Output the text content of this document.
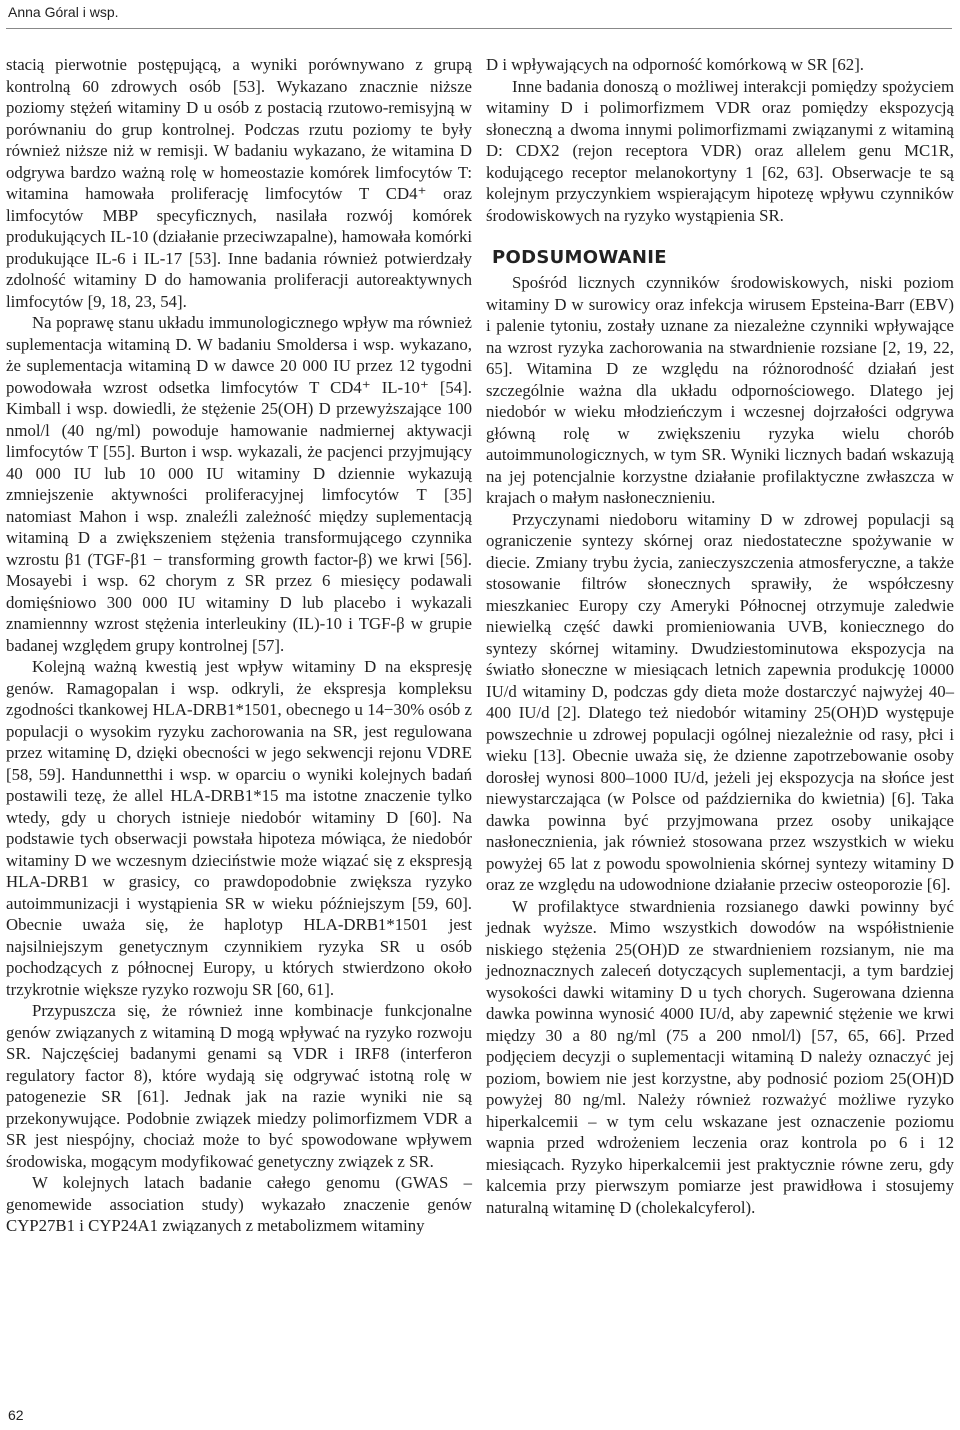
Anna Góral i wsp.

stacią pierwotnie postępującą, a wyniki porównywano z grupą kontrolną 60 zdrowych osób [53]. Wykazano znacznie niższe poziomy stężeń witaminy D u osób z postacią rzutowo-remisyjną w porównaniu do grup kontrolnej. Podczas rzutu poziomy te były również niższe niż w remisji. W badaniu wykazano, że witamina D odgrywa bardzo ważną rolę w homeostazie komórek limfocytów T: witamina hamowała proliferację limfocytów T CD4⁺ oraz limfocytów MBP specyficznych, nasilała rozwój komórek produkujących IL-10 (działanie przeciwzapalne), hamowała komórki produkujące IL-6 i IL-17 [53]. Inne badania również potwierdzały zdolność witaminy D do hamowania proliferacji autoreaktywnych limfocytów [9, 18, 23, 54].

Na poprawę stanu układu immunologicznego wpływ ma również suplementacja witaminą D. W badaniu Smoldersa i wsp. wykazano, że suplementacja witaminą D w dawce 20 000 IU przez 12 tygodni powodowała wzrost odsetka limfocytów T CD4⁺ IL-10⁺ [54]. Kimball i wsp. dowiedli, że stężenie 25(OH) D przewyższające 100 nmol/l (40 ng/ml) powoduje hamowanie nadmiernej aktywacji limfocytów T [55]. Burton i wsp. wykazali, że pacjenci przyjmujący 40 000 IU lub 10 000 IU witaminy D dziennie wykazują zmniejszenie aktywności proliferacyjnej limfocytów T [35] natomiast Mahon i wsp. znaleźli zależność między suplementacją witaminą D a zwiększeniem stężenia transformującego czynnika wzrostu β1 (TGF-β1 − transforming growth factor-β) we krwi [56]. Mosayebi i wsp. 62 chorym z SR przez 6 miesięcy podawali domięśniowo 300 000 IU witaminy D lub placebo i wykazali znamiennny wzrost stężenia interleukiny (IL)-10 i TGF-β w grupie badanej względem grupy kontrolnej [57].

Kolejną ważną kwestią jest wpływ witaminy D na ekspresję genów. Ramagopalan i wsp. odkryli, że ekspresja kompleksu zgodności tkankowej HLA-DRB1*1501, obecnego u 14−30% osób z populacji o wysokim ryzyku zachorowania na SR, jest regulowana przez witaminę D, dzięki obecności w jego sekwencji rejonu VDRE [58, 59]. Handunnetthi i wsp. w oparciu o wyniki kolejnych badań postawili tezę, że allel HLA-DRB1*15 ma istotne znaczenie tylko wtedy, gdy u chorych istnieje niedobór witaminy D [60]. Na podstawie tych obserwacji powstała hipoteza mówiąca, że niedobór witaminy D we wczesnym dzieciństwie może wiązać się z ekspresją HLA-DRB1 w grasicy, co prawdopodobnie zwiększa ryzyko autoimmunizacji i wystąpienia SR w wieku późniejszym [59, 60]. Obecnie uważa się, że haplotyp HLA-DRB1*1501 jest najsilniejszym genetycznym czynnikiem ryzyka SR u osób pochodzących z północnej Europy, u których stwierdzono około trzykrotnie większe ryzyko rozwoju SR [60, 61].

Przypuszcza się, że również inne kombinacje funkcjonalne genów związanych z witaminą D mogą wpływać na ryzyko rozwoju SR. Najczęściej badanymi genami są VDR i IRF8 (interferon regulatory factor 8), które wydają się odgrywać istotną rolę w patogenezie SR [61]. Jednak jak na razie wyniki nie są przekonywujące. Podobnie związek miedzy polimorfizmem VDR a SR jest niespójny, chociaż może to być spowodowane wpływem środowiska, mogącym modyfikować genetyczny związek z SR.

W kolejnych latach badanie całego genomu (GWAS – genomewide association study) wykazało znaczenie genów CYP27B1 i CYP24A1 związanych z metabolizmem witaminy

D i wpływających na odporność komórkową w SR [62].

Inne badania donoszą o możliwej interakcji pomiędzy spożyciem witaminy D i polimorfizmem VDR oraz pomiędzy ekspozycją słoneczną a dwoma innymi polimorfizmami związanymi z witaminą D: CDX2 (rejon receptora VDR) oraz allelem genu MC1R, kodującego receptor melanokortyny 1 [62, 63]. Obserwacje te są kolejnym przyczynkiem wspierającym hipotezę wpływu czynników środowiskowych na ryzyko wystąpienia SR.

PODSUMOWANIE

Spośród licznych czynników środowiskowych, niski poziom witaminy D w surowicy oraz infekcja wirusem Epsteina-Barr (EBV) i palenie tytoniu, zostały uznane za niezależne czynniki wpływające na wzrost ryzyka zachorowania na stwardnienie rozsiane [2, 19, 22, 65]. Witamina D ze względu na różnorodność działań jest szczególnie ważna dla układu odpornościowego. Dlatego jej niedobór w wieku młodzieńczym i wczesnej dojrzałości odgrywa główną rolę w zwiększeniu ryzyka wielu chorób autoimmunologicznych, w tym SR. Wyniki licznych badań wskazują na jej potencjalnie korzystne działanie profilaktyczne zwłaszcza w krajach o małym nasłonecznieniu.

Przyczynami niedoboru witaminy D w zdrowej populacji są ograniczenie syntezy skórnej oraz niedostateczne spożywanie w diecie. Zmiany trybu życia, zanieczyszczenia atmosferyczne, a także stosowanie filtrów słonecznych sprawiły, że współczesny mieszkaniec Europy czy Ameryki Północnej otrzymuje zaledwie niewielką część dawki promieniowania UVB, koniecznego do syntezy skórnej witaminy. Dwudziestominutowa ekspozycja na światło słoneczne w miesiącach letnich zapewnia produkcję 10000 IU/d witaminy D, podczas gdy dieta może dostarczyć najwyżej 40–400 IU/d [2]. Dlatego też niedobór witaminy 25(OH)D występuje powszechnie u zdrowej populacji ogólnej niezależnie od rasy, płci i wieku [13]. Obecnie uważa się, że dzienne zapotrzebowanie osoby dorosłej wynosi 800–1000 IU/d, jeżeli jej ekspozycja na słońce jest niewystarczająca (w Polsce od października do kwietnia) [6]. Taka dawka powinna być przyjmowana przez osoby unikające nasłonecznienia, jak również stosowana przez wszystkich w wieku powyżej 65 lat z powodu spowolnienia skórnej syntezy witaminy D oraz ze względu na udowodnione działanie przeciw osteoporozie [6].

W profilaktyce stwardnienia rozsianego dawki powinny być jednak wyższe. Mimo wszystkich dowodów na współistnienie niskiego stężenia 25(OH)D ze stwardnieniem rozsianym, nie ma jednoznacznych zaleceń dotyczących suplementacji, a tym bardziej wysokości dawki witaminy D u tych chorych. Sugerowana dzienna dawka powinna wynosić 4000 IU/d, aby zapewnić stężenie we krwi między 30 a 80 ng/ml (75 a 200 nmol/l) [57, 65, 66]. Przed podjęciem decyzji o suplementacji witaminą D należy oznaczyć jej poziom, bowiem nie jest korzystne, aby podnosić poziom 25(OH)D powyżej 80 ng/ml. Należy również rozważyć możliwe ryzyko hiperkalcemii – w tym celu wskazane jest oznaczenie poziomu wapnia przed wdrożeniem leczenia oraz kontrola po 6 i 12 miesiącach. Ryzyko hiperkalcemii jest praktycznie równe zeru, gdy kalcemia przy pierwszym pomiarze jest prawidłowa i stosujemy naturalną witaminę D (cholekalcyferol).

62
